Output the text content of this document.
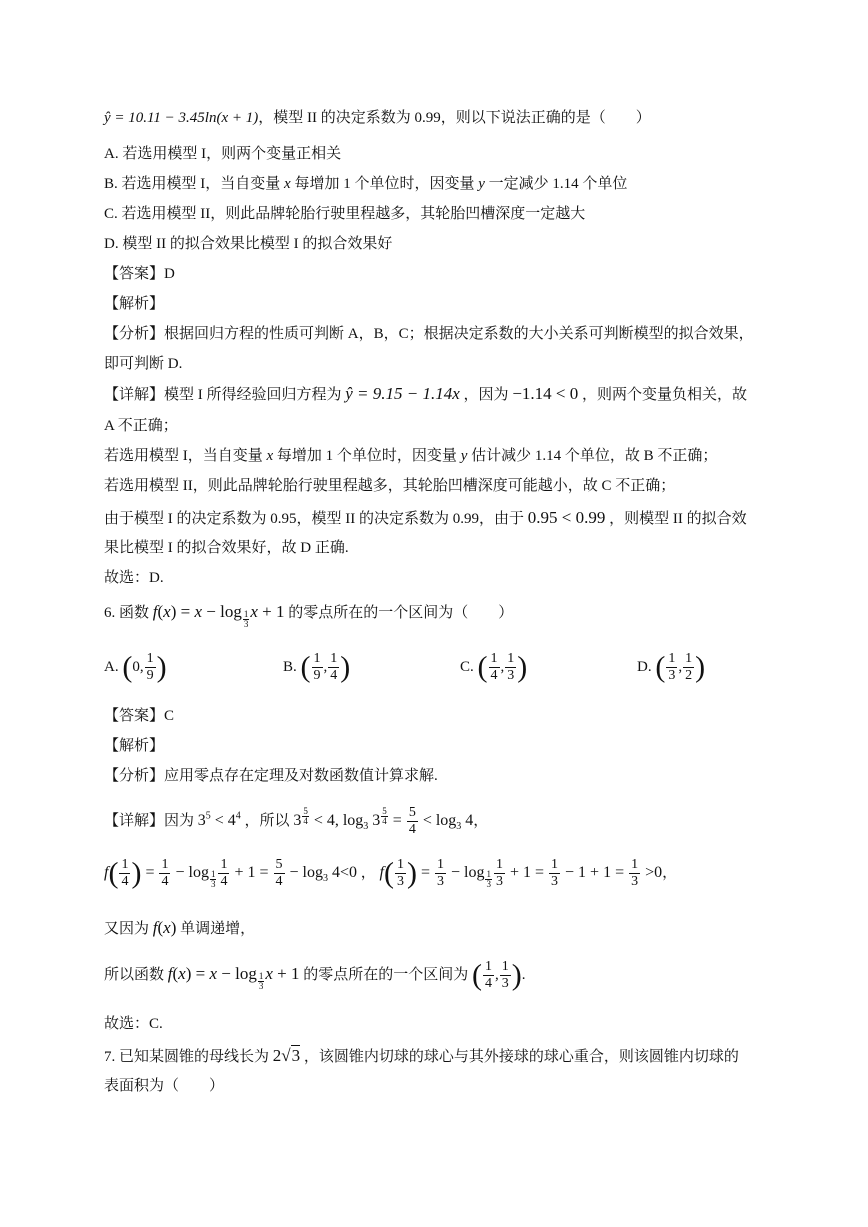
ŷ = 10.11 − 3.45ln(x + 1)，模型 II 的决定系数为 0.99，则以下说法正确的是（　　）
A. 若选用模型 I，则两个变量正相关
B. 若选用模型 I，当自变量 x 每增加 1 个单位时，因变量 y 一定减少 1.14 个单位
C. 若选用模型 II，则此品牌轮胎行驶里程越多，其轮胎凹槽深度一定越大
D. 模型 II 的拟合效果比模型 I 的拟合效果好
【答案】D
【解析】
【分析】根据回归方程的性质可判断 A，B，C；根据决定系数的大小关系可判断模型的拟合效果，
即可判断 D.
【详解】模型 I 所得经验回归方程为 ŷ = 9.15 − 1.14x ，因为 −1.14 < 0 ，则两个变量负相关，故
A 不正确；
若选用模型 I，当自变量 x 每增加 1 个单位时，因变量 y 估计减少 1.14 个单位，故 B 不正确；
若选用模型 II，则此品牌轮胎行驶里程越多，其轮胎凹槽深度可能越小，故 C 不正确；
由于模型 I 的决定系数为 0.95，模型 II 的决定系数为 0.99，由于 0.95 < 0.99 ，则模型 II 的拟合效
果比模型 I 的拟合效果好，故 D 正确.
故选：D.
6. 函数 f(x) = x − log $_{\frac{1}{3}}$ x + 1 的零点所在的一个区间为（　　）
A. (0, $\frac{1}{9}$ )	B. ( $\frac{1}{9}$ , $\frac{1}{4}$ )	C. ( $\frac{1}{4}$ , $\frac{1}{3}$ )	D. ( $\frac{1}{3}$ , $\frac{1}{2}$ )
【答案】C
【解析】
【分析】应用零点存在定理及对数函数值计算求解.
【详解】因为 $3^5 < 4^4$ ，所以 3 $^{\frac{5}{4}}$ < 4, $\log_3 3$ $^{\frac{5}{4}} = \frac{5}{4} < \log_3 4$，
$f( \frac{1}{4}$ ) = $\frac{1}{4} - \log _{\frac{1}{3}} \frac{1}{4} + 1 = \frac{5}{4} - \log_3 4<0$ ， $f( \frac{1}{3}$ ) = $\frac{1}{3} - \log _{\frac{1}{3}} \frac{1}{3} + 1 = \frac{1}{3} - 1 + 1 = \frac{1}{3} >0$，
又因为 f(x) 单调递增，
所以函数 f(x) = x − log $_{\frac{1}{3}}$ x + 1 的零点所在的一个区间为 ( $\frac{1}{4}$ , $\frac{1}{3}$ ).
故选：C.
7. 已知某圆锥的母线长为 2√3 ，该圆锥内切球的球心与其外接球的球心重合，则该圆锥内切球的
表面积为（　　）
